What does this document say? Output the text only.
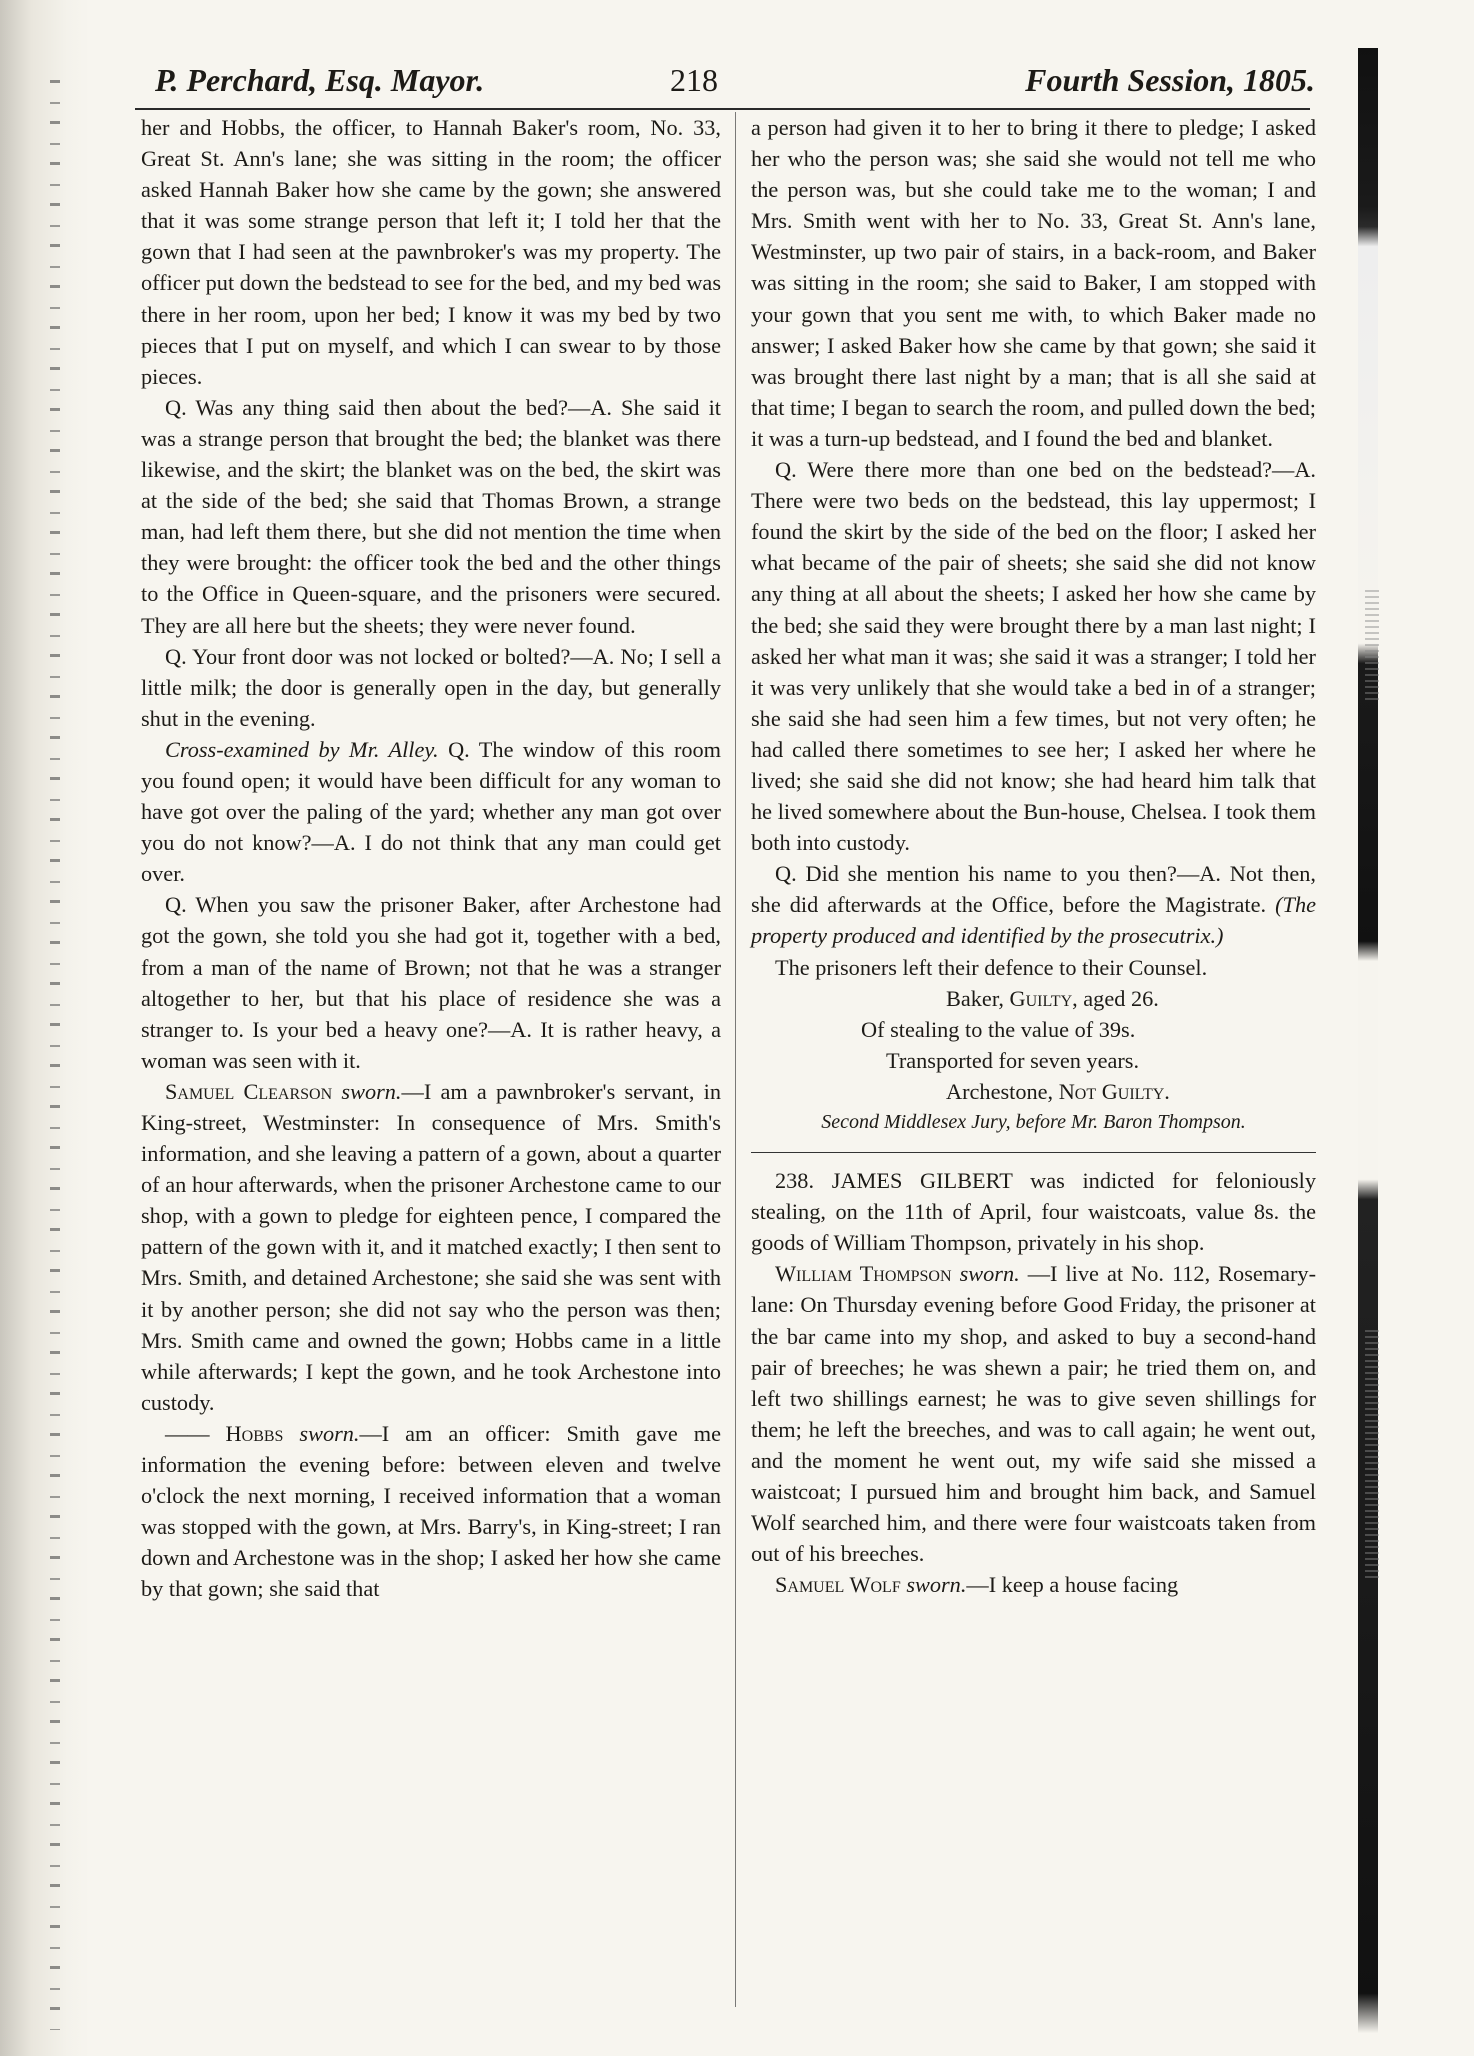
P. Perchard, Esq. Mayor.	218	Fourth Session, 1805.

her and Hobbs, the officer, to Hannah Baker's room, No. 33, Great St. Ann's lane; she was sitting in the room; the officer asked Hannah Baker how she came by the gown; she answered that it was some strange person that left it; I told her that the gown that I had seen at the pawnbroker's was my property. The officer put down the bedstead to see for the bed, and my bed was there in her room, upon her bed; I know it was my bed by two pieces that I put on myself, and which I can swear to by those pieces.

Q. Was any thing said then about the bed?—A. She said it was a strange person that brought the bed; the blanket was there likewise, and the skirt; the blanket was on the bed, the skirt was at the side of the bed; she said that Thomas Brown, a strange man, had left them there, but she did not mention the time when they were brought: the officer took the bed and the other things to the Office in Queen-square, and the prisoners were secured. They are all here but the sheets; they were never found.

Q. Your front door was not locked or bolted?—A. No; I sell a little milk; the door is generally open in the day, but generally shut in the evening.

Cross-examined by Mr. Alley. Q. The window of this room you found open; it would have been difficult for any woman to have got over the paling of the yard; whether any man got over you do not know?—A. I do not think that any man could get over.

Q. When you saw the prisoner Baker, after Archestone had got the gown, she told you she had got it, together with a bed, from a man of the name of Brown; not that he was a stranger altogether to her, but that his place of residence she was a stranger to. Is your bed a heavy one?—A. It is rather heavy, a woman was seen with it.

Samuel Clearson sworn.—I am a pawnbroker's servant, in King-street, Westminster: In consequence of Mrs. Smith's information, and she leaving a pattern of a gown, about a quarter of an hour afterwards, when the prisoner Archestone came to our shop, with a gown to pledge for eighteen pence, I compared the pattern of the gown with it, and it matched exactly; I then sent to Mrs. Smith, and detained Archestone; she said she was sent with it by another person; she did not say who the person was then; Mrs. Smith came and owned the gown; Hobbs came in a little while afterwards; I kept the gown, and he took Archestone into custody.

—— Hobbs sworn.—I am an officer: Smith gave me information the evening before: between eleven and twelve o'clock the next morning, I received information that a woman was stopped with the gown, at Mrs. Barry's, in King-street; I ran down and Archestone was in the shop; I asked her how she came by that gown; she said that

a person had given it to her to bring it there to pledge; I asked her who the person was; she said she would not tell me who the person was, but she could take me to the woman; I and Mrs. Smith went with her to No. 33, Great St. Ann's lane, Westminster, up two pair of stairs, in a back-room, and Baker was sitting in the room; she said to Baker, I am stopped with your gown that you sent me with, to which Baker made no answer; I asked Baker how she came by that gown; she said it was brought there last night by a man; that is all she said at that time; I began to search the room, and pulled down the bed; it was a turn-up bedstead, and I found the bed and blanket.

Q. Were there more than one bed on the bedstead?—A. There were two beds on the bedstead, this lay uppermost; I found the skirt by the side of the bed on the floor; I asked her what became of the pair of sheets; she said she did not know any thing at all about the sheets; I asked her how she came by the bed; she said they were brought there by a man last night; I asked her what man it was; she said it was a stranger; I told her it was very unlikely that she would take a bed in of a stranger; she said she had seen him a few times, but not very often; he had called there sometimes to see her; I asked her where he lived; she said she did not know; she had heard him talk that he lived somewhere about the Bun-house, Chelsea. I took them both into custody.

Q. Did she mention his name to you then?—A. Not then, she did afterwards at the Office, before the Magistrate. (The property produced and identified by the prosecutrix.)

The prisoners left their defence to their Counsel.

Baker, Guilty, aged 26.

Of stealing to the value of 39s.

Transported for seven years.

Archestone, Not Guilty.

Second Middlesex Jury, before Mr. Baron Thompson.

238. JAMES GILBERT was indicted for feloniously stealing, on the 11th of April, four waistcoats, value 8s. the goods of William Thompson, privately in his shop.

William Thompson sworn. —I live at No. 112, Rosemary-lane: On Thursday evening before Good Friday, the prisoner at the bar came into my shop, and asked to buy a second-hand pair of breeches; he was shewn a pair; he tried them on, and left two shillings earnest; he was to give seven shillings for them; he left the breeches, and was to call again; he went out, and the moment he went out, my wife said she missed a waistcoat; I pursued him and brought him back, and Samuel Wolf searched him, and there were four waistcoats taken from out of his breeches.

Samuel Wolf sworn.—I keep a house facing
